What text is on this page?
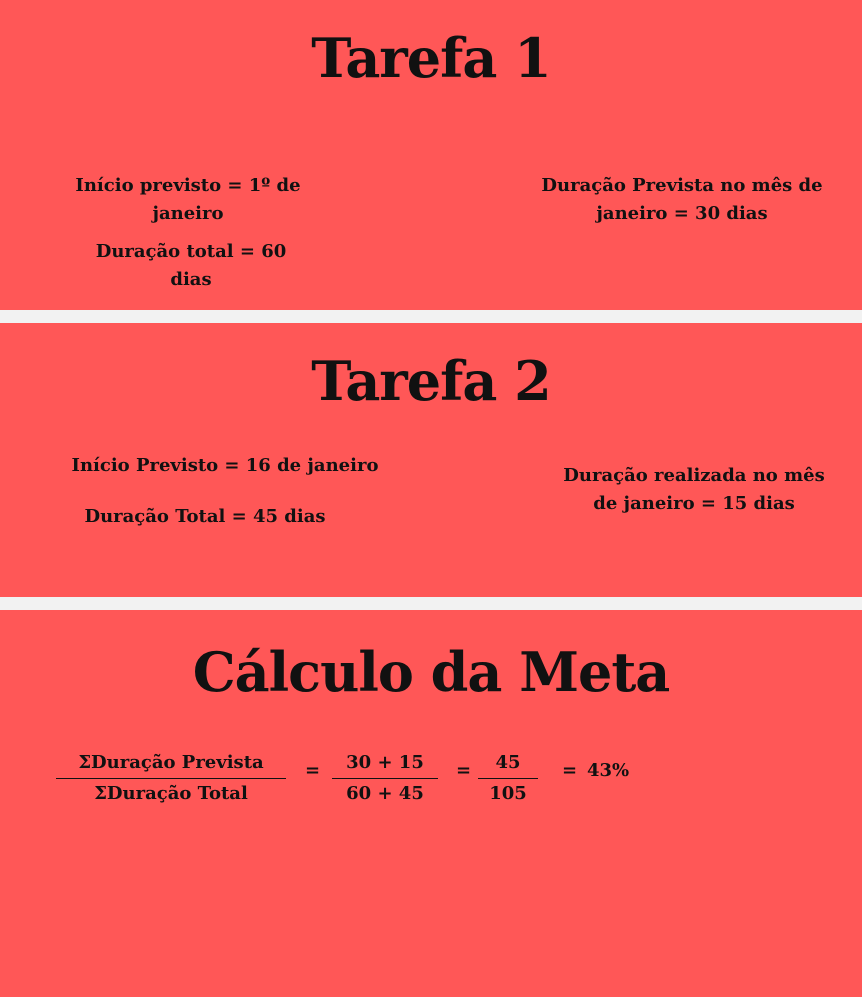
Tarefa 1

Início previsto = 1º de janeiro

Duração total = 60 dias

Duração Prevista no mês de janeiro = 30 dias

Tarefa 2

Início Previsto = 16 de janeiro

Duração Total = 45 dias

Duração realizada no mês de janeiro = 15 dias

Cálculo da Meta
ΣDuração Prevista
ΣDuração Total
=	30 + 15
60 + 45
=	45
105
= 43%
